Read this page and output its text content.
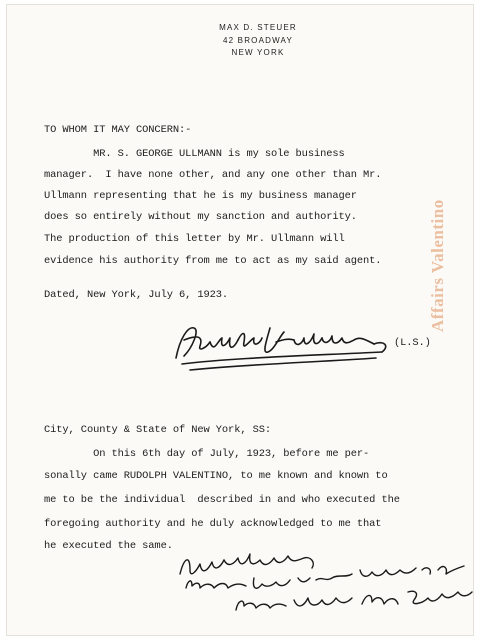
MAX D. STEUER
42 BROADWAY
NEW YORK
TO WHOM IT MAY CONCERN:-
MR. S. GEORGE ULLMANN is my sole business
manager.  I have none other, and any one other than Mr.
Ullmann representing that he is my business manager
does so entirely without my sanction and authority.
The production of this letter by Mr. Ullmann will
evidence his authority from me to act as my said agent.
Dated, New York, July 6, 1923.
(L.S.)
Affairs Valentino
City, County & State of New York, SS:
On this 6th day of July, 1923, before me per-
sonally came RUDOLPH VALENTINO, to me known and known to
me to be the individual  described in and who executed the
foregoing authority and he duly acknowledged to me that
he executed the same.
